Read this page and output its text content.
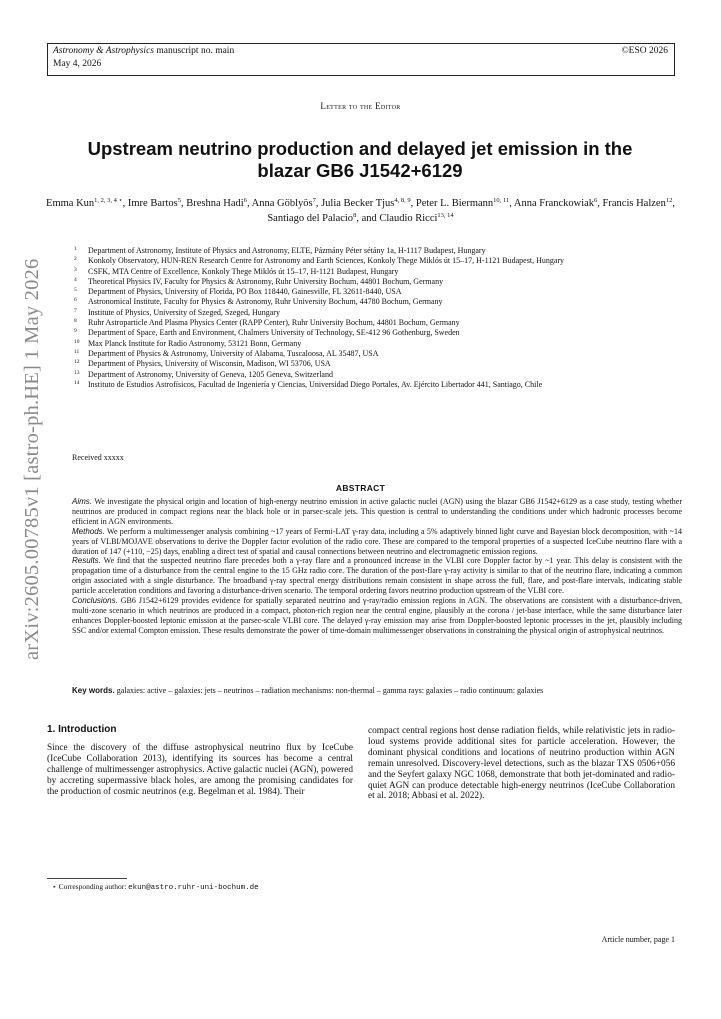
Astronomy & Astrophysics manuscript no. main
May 4, 2026
©ESO 2026
arXiv:2605.00785v1 [astro-ph.HE] 1 May 2026
Letter to the Editor
Upstream neutrino production and delayed jet emission in the blazar GB6 J1542+6129
Emma Kun$^{1, 2, 3, 4 ⋆}$, Imre Bartos$^5$, Breshna Hadi$^6$, Anna Göblyös$^7$, Julia Becker Tjus$^{4, 8, 9}$, Peter L. Biermann$^{10, 11}$, Anna Franckowiak$^6$, Francis Halzen$^{12}$, Santiago del Palacio$^8$, and Claudio Ricci$^{13, 14}$
1 Department of Astronomy, Institute of Physics and Astronomy, ELTE, Pázmány Péter sétány 1a, H-1117 Budapest, Hungary
2 Konkoly Observatory, HUN-REN Research Centre for Astronomy and Earth Sciences, Konkoly Thege Miklós út 15–17, H-1121 Budapest, Hungary
3 CSFK, MTA Centre of Excellence, Konkoly Thege Miklós út 15–17, H-1121 Budapest, Hungary
4 Theoretical Physics IV, Faculty for Physics & Astronomy, Ruhr University Bochum, 44801 Bochum, Germany
5 Department of Physics, University of Florida, PO Box 118440, Gainesville, FL 32611-8440, USA
6 Astronomical Institute, Faculty for Physics & Astronomy, Ruhr University Bochum, 44780 Bochum, Germany
7 Institute of Physics, University of Szeged, Szeged, Hungary
8 Ruhr Astroparticle And Plasma Physics Center (RAPP Center), Ruhr University Bochum, 44801 Bochum, Germany
9 Department of Space, Earth and Environment, Chalmers University of Technology, SE-412 96 Gothenburg, Sweden
10 Max Planck Institute for Radio Astronomy, 53121 Bonn, Germany
11 Department of Physics & Astronomy, University of Alabama, Tuscaloosa, AL 35487, USA
12 Department of Physics, University of Wisconsin, Madison, WI 53706, USA
13 Department of Astronomy, University of Geneva, 1205 Geneva, Switzerland
14 Instituto de Estudios Astrofísicos, Facultad de Ingeniería y Ciencias, Universidad Diego Portales, Av. Ejército Libertador 441, Santiago, Chile
Received xxxxx
ABSTRACT

Aims. We investigate the physical origin and location of high-energy neutrino emission in active galactic nuclei (AGN) using the blazar GB6 J1542+6129 as a case study, testing whether neutrinos are produced in compact regions near the black hole or in parsec-scale jets. This question is central to understanding the conditions under which hadronic processes become efficient in AGN environments.

Methods. We perform a multimessenger analysis combining ~17 years of Fermi-LAT γ-ray data, including a 5% adaptively binned light curve and Bayesian block decomposition, with ~14 years of VLBI/MOJAVE observations to derive the Doppler factor evolution of the radio core. These are compared to the temporal properties of a suspected IceCube neutrino flare with a duration of 147 (+110, −25) days, enabling a direct test of spatial and causal connections between neutrino and electromagnetic emission regions.

Results. We find that the suspected neutrino flare precedes both a γ-ray flare and a pronounced increase in the VLBI core Doppler factor by ~1 year. This delay is consistent with the propagation time of a disturbance from the central engine to the 15 GHz radio core. The duration of the post-flare γ-ray activity is similar to that of the neutrino flare, indicating a common origin associated with a single disturbance. The broadband γ-ray spectral energy distributions remain consistent in shape across the full, flare, and post-flare intervals, indicating stable particle acceleration conditions and favoring a disturbance-driven scenario. The temporal ordering favors neutrino production upstream of the VLBI core.

Conclusions. GB6 J1542+6129 provides evidence for spatially separated neutrino and γ-ray/radio emission regions in AGN. The observations are consistent with a disturbance-driven, multi-zone scenario in which neutrinos are produced in a compact, photon-rich region near the central engine, plausibly at the corona / jet-base interface, while the same disturbance later enhances Doppler-boosted leptonic emission at the parsec-scale VLBI core. The delayed γ-ray emission may arise from Doppler-boosted leptonic processes in the jet, plausibly including SSC and/or external Compton emission. These results demonstrate the power of time-domain multimessenger observations in constraining the physical origin of astrophysical neutrinos.

Key words. galaxies: active – galaxies: jets – neutrinos – radiation mechanisms: non-thermal – gamma rays: galaxies – radio continuum: galaxies
1. Introduction

Since the discovery of the diffuse astrophysical neutrino flux by IceCube (IceCube Collaboration 2013), identifying its sources has become a central challenge of multimessenger astrophysics. Active galactic nuclei (AGN), powered by accreting supermassive black holes, are among the promising candidates for the production of cosmic neutrinos (e.g. Begelman et al. 1984). Their

compact central regions host dense radiation fields, while relativistic jets in radio-loud systems provide additional sites for particle acceleration. However, the dominant physical conditions and locations of neutrino production within AGN remain unresolved. Discovery-level detections, such as the blazar TXS 0506+056 and the Seyfert galaxy NGC 1068, demonstrate that both jet-dominated and radio-quiet AGN can produce detectable high-energy neutrinos (IceCube Collaboration et al. 2018; Abbasi et al. 2022).

⋆ Corresponding author: ekun@astro.ruhr-uni-bochum.de
Article number, page 1
